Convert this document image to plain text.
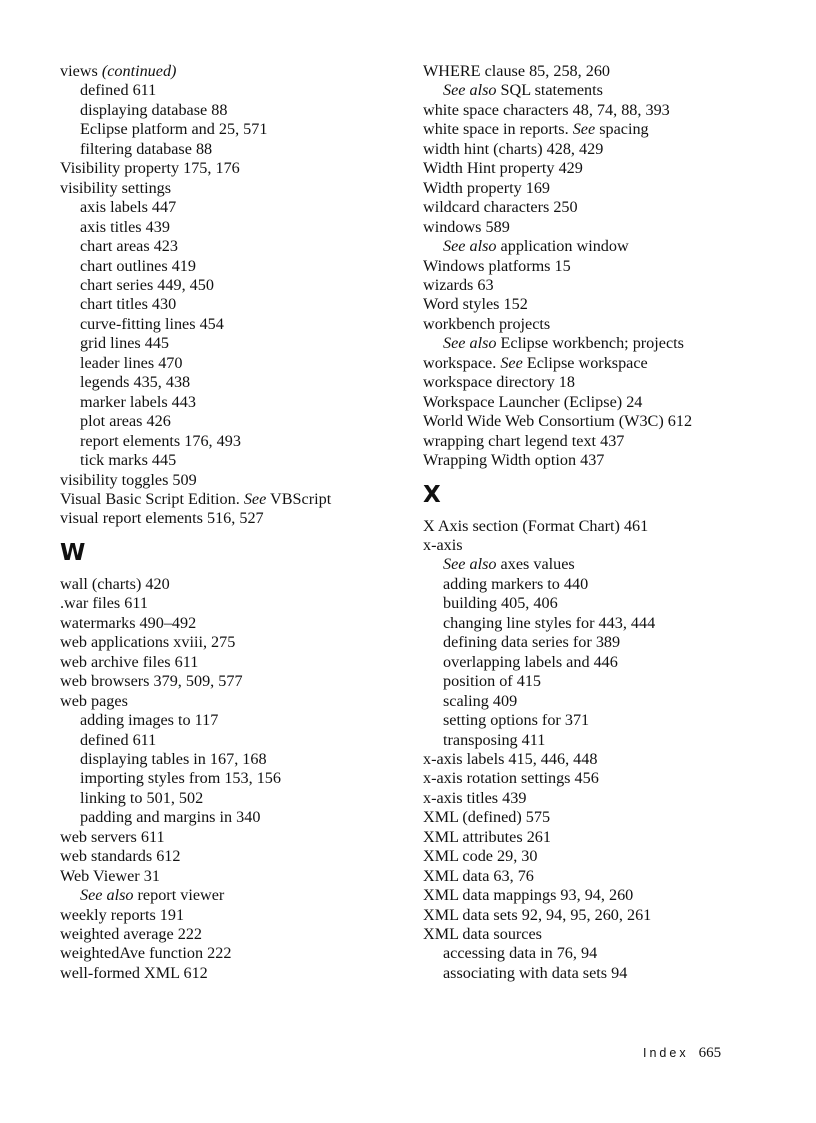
views (continued)
defined 611
displaying database 88
Eclipse platform and 25, 571
filtering database 88
Visibility property 175, 176
visibility settings
axis labels 447
axis titles 439
chart areas 423
chart outlines 419
chart series 449, 450
chart titles 430
curve-fitting lines 454
grid lines 445
leader lines 470
legends 435, 438
marker labels 443
plot areas 426
report elements 176, 493
tick marks 445
visibility toggles 509
Visual Basic Script Edition. See VBScript
visual report elements 516, 527
W
wall (charts) 420
.war files 611
watermarks 490–492
web applications xviii, 275
web archive files 611
web browsers 379, 509, 577
web pages
adding images to 117
defined 611
displaying tables in 167, 168
importing styles from 153, 156
linking to 501, 502
padding and margins in 340
web servers 611
web standards 612
Web Viewer 31
See also report viewer
weekly reports 191
weighted average 222
weightedAve function 222
well-formed XML 612
WHERE clause 85, 258, 260
See also SQL statements
white space characters 48, 74, 88, 393
white space in reports. See spacing
width hint (charts) 428, 429
Width Hint property 429
Width property 169
wildcard characters 250
windows 589
See also application window
Windows platforms 15
wizards 63
Word styles 152
workbench projects
See also Eclipse workbench; projects
workspace. See Eclipse workspace
workspace directory 18
Workspace Launcher (Eclipse) 24
World Wide Web Consortium (W3C) 612
wrapping chart legend text 437
Wrapping Width option 437
X
X Axis section (Format Chart) 461
x-axis
See also axes values
adding markers to 440
building 405, 406
changing line styles for 443, 444
defining data series for 389
overlapping labels and 446
position of 415
scaling 409
setting options for 371
transposing 411
x-axis labels 415, 446, 448
x-axis rotation settings 456
x-axis titles 439
XML (defined) 575
XML attributes 261
XML code 29, 30
XML data 63, 76
XML data mappings 93, 94, 260
XML data sets 92, 94, 95, 260, 261
XML data sources
accessing data in 76, 94
associating with data sets 94
Index 665
